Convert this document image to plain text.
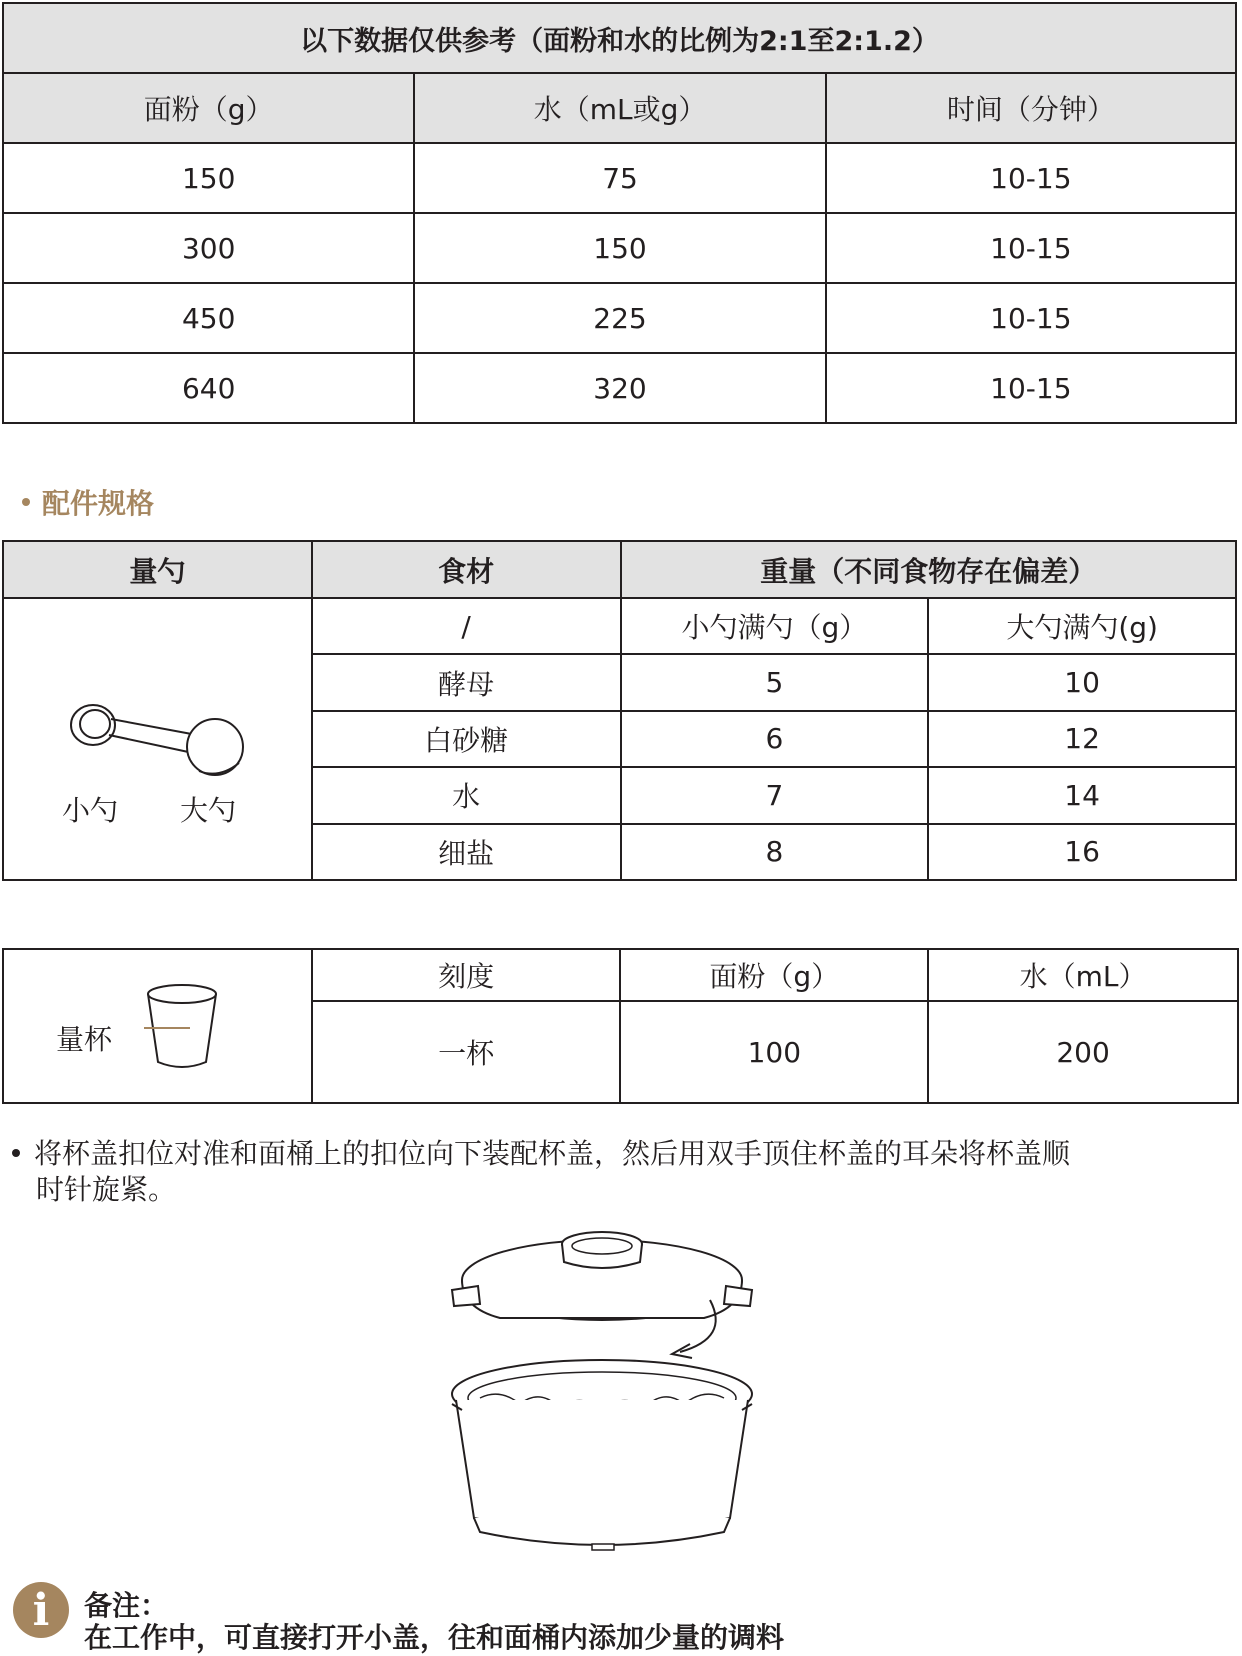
以下数据仅供参考（面粉和水的比例为2:1至2:1.2）		
面粉（g）	水（mL或g）	时间（分钟）
150	75	10-15
300	150	10-15
450	225	10-15
640	320	10-15
配件规格
量勺	食材	重量（不同食物存在偏差）	

小勺 大勺	/	小勺满勺（g）	大勺满勺(g)
	酵母	5	10
	白砂糖	6	12
	水	7	14
	细盐	8	16
量杯	刻度	面粉（g）	水（mL）
	一杯	100	200
将杯盖扣位对准和面桶上的扣位向下装配杯盖，然后用双手顶住杯盖的耳朵将杯盖顺
时针旋紧。
i	备注：
在工作中，可直接打开小盖，往和面桶内添加少量的调料
